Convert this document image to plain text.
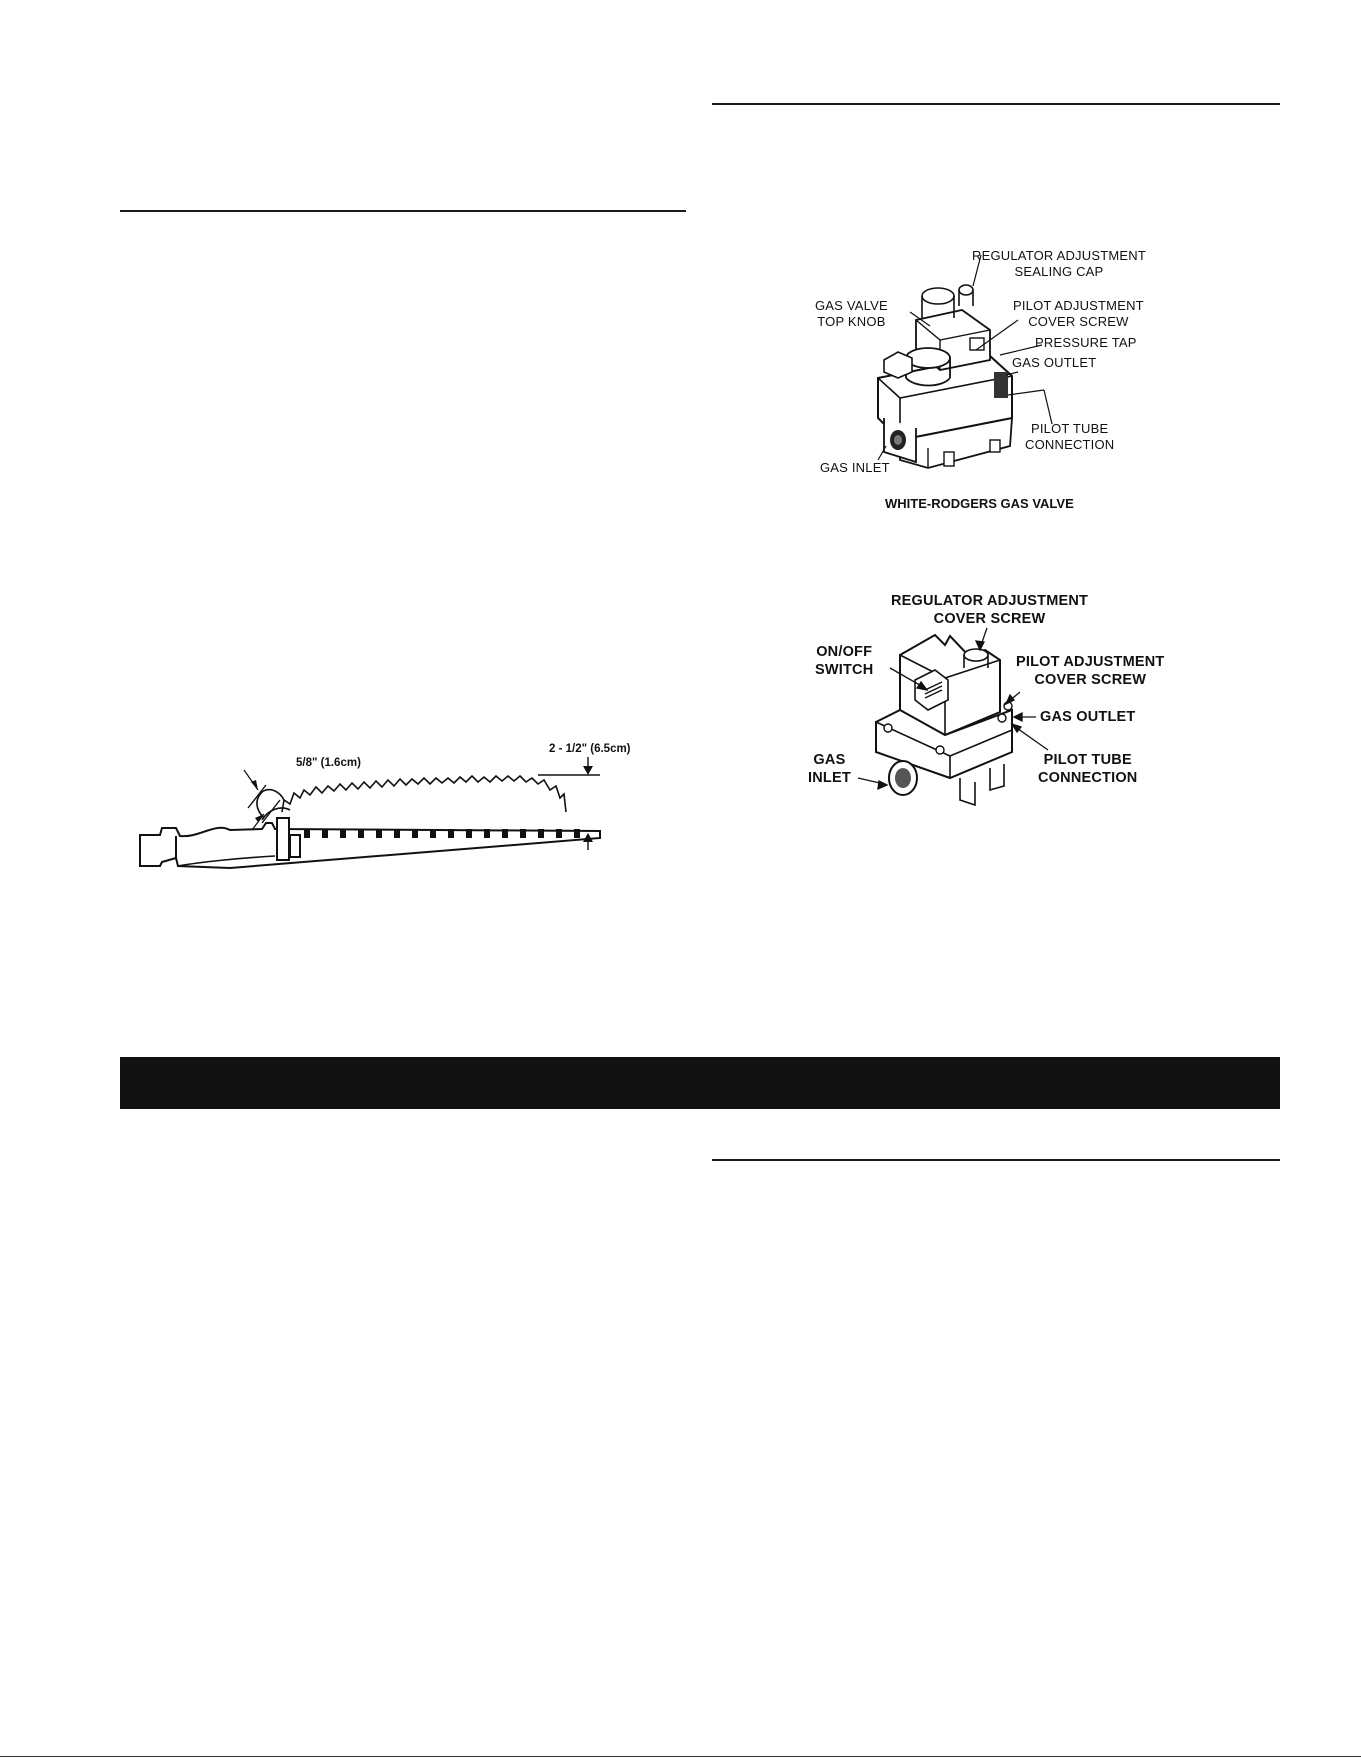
2 - 1/2" (6.5cm)
5/8" (1.6cm)
REGULATOR ADJUSTMENT
SEALING CAP
GAS VALVE
TOP KNOB
PILOT ADJUSTMENT
COVER SCREW
PRESSURE TAP
GAS OUTLET
PILOT TUBE
CONNECTION
GAS INLET
WHITE-RODGERS GAS VALVE
REGULATOR ADJUSTMENT
COVER SCREW
ON/OFF
SWITCH	PILOT ADJUSTMENT
COVER SCREW
GAS OUTLET
GAS
INLET
PILOT TUBE
CONNECTION
